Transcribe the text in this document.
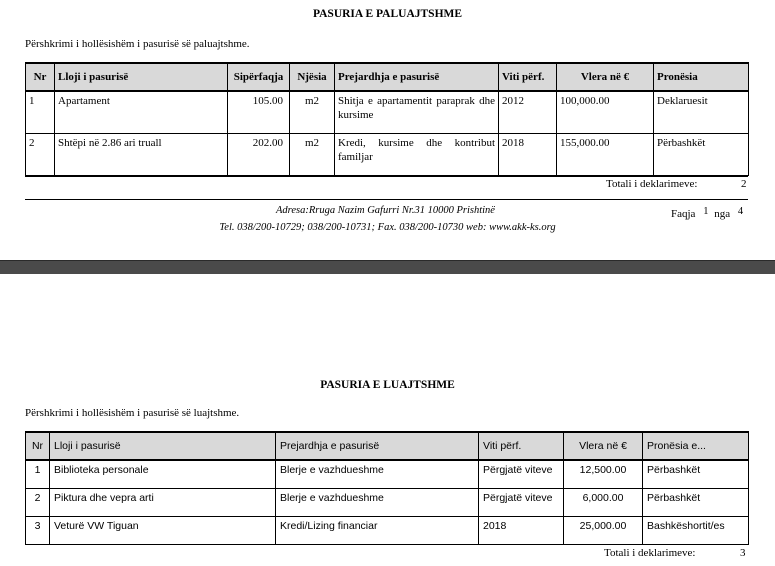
PASURIA E PALUAJTSHME
Përshkrimi i hollësishëm i pasurisë së paluajtshme.
Nr	Lloji i pasurisë	Sipërfaqja	Njësia	Prejardhja e pasurisë	Viti përf.	Vlera në €	Pronësia
1	Apartament	105.00	m2	Shitja e apartamentit paraprak dhe kursime	2012	100,000.00	Deklaruesit
2	Shtëpi në 2.86 ari truall	202.00	m2	Kredi, kursime dhe kontribut familjar	2018	155,000.00	Përbashkët
Totali i deklarimeve:	2
Adresa:Rruga Nazim Gafurri Nr.31 10000 Prishtinë
Tel. 038/200-10729; 038/200-10731; Fax. 038/200-10730 web: www.akk-ks.org
Faqja 1 nga 4
PASURIA E LUAJTSHME
Përshkrimi i hollësishëm i pasurisë së luajtshme.
Nr	Lloji i pasurisë	Prejardhja e pasurisë	Viti përf.	Vlera në €	Pronësia e...
1	Biblioteka personale	Blerje e vazhdueshme	Përgjatë viteve	12,500.00	Përbashkët
2	Piktura dhe vepra arti	Blerje e vazhdueshme	Përgjatë viteve	6,000.00	Përbashkët
3	Veturë VW Tiguan	Kredi/Lizing financiar	2018	25,000.00	Bashkëshortit/es
Totali i deklarimeve:	3
